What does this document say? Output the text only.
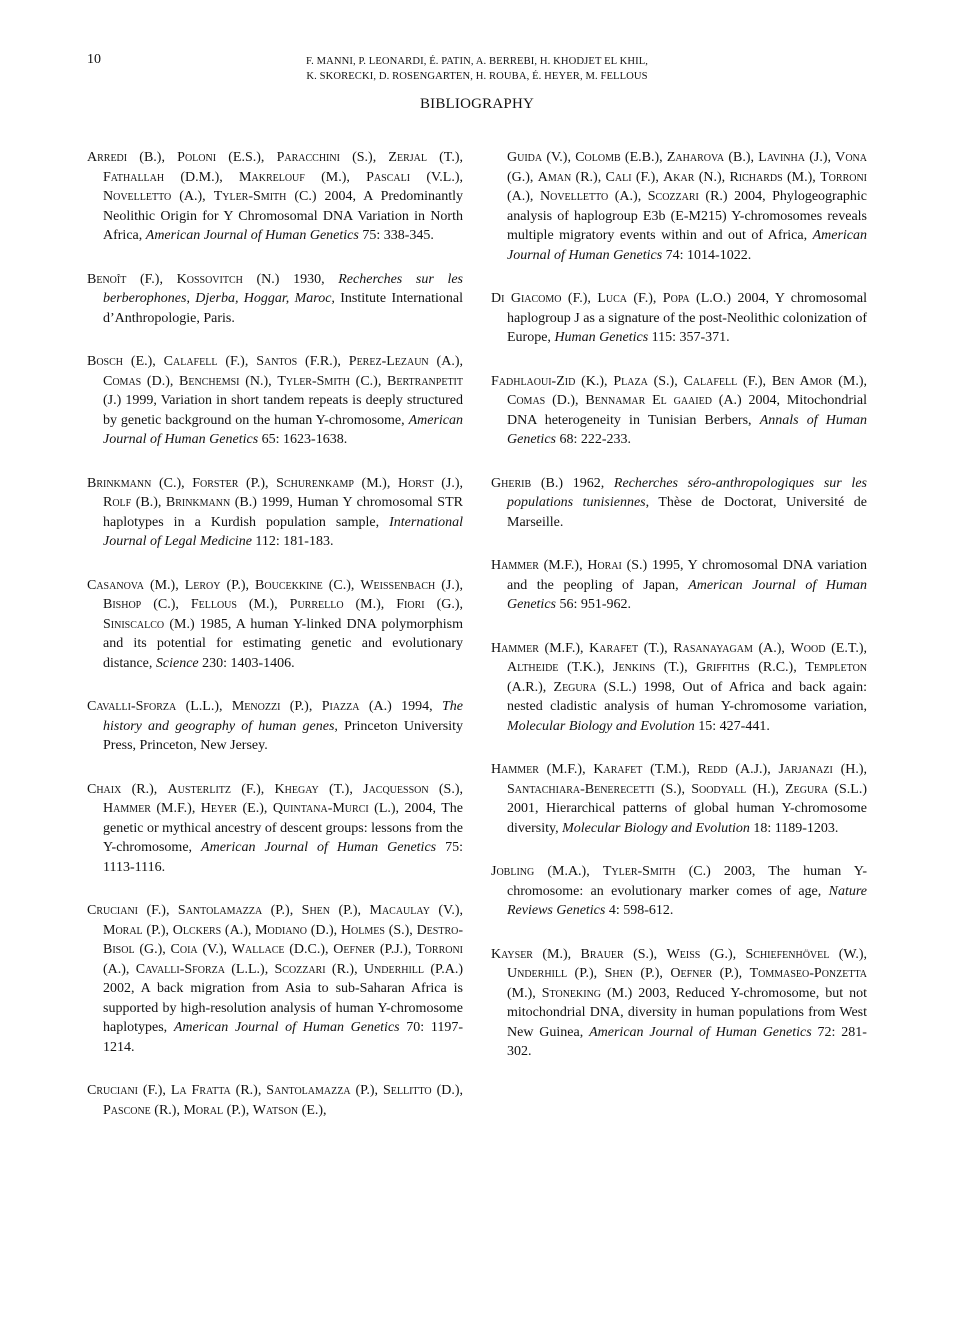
10	F. MANNI, P. LEONARDI, É. PATIN, A. BERREBI, H. KHODJET EL KHIL,
K. SKORECKI, D. ROSENGARTEN, H. ROUBA, É. HEYER, M. FELLOUS
BIBLIOGRAPHY

Arredi (B.), Poloni (E.S.), Paracchini (S.), Zerjal (T.), Fathallah (D.M.), Makrelouf (M.), Pascali (V.L.), Novelletto (A.), Tyler-Smith (C.) 2004, A Predominantly Neolithic Origin for Y Chromosomal DNA Variation in North Africa, American Journal of Human Genetics 75: 338-345.

Benoît (F.), Kossovitch (N.) 1930, Recherches sur les berberophones, Djerba, Hoggar, Maroc, Institute International d’Anthropologie, Paris.

Bosch (E.), Calafell (F.), Santos (F.R.), Perez-Lezaun (A.), Comas (D.), Benchemsi (N.), Tyler-Smith (C.), Bertranpetit (J.) 1999, Variation in short tandem repeats is deeply structured by genetic background on the human Y-chromosome, American Journal of Human Genetics 65: 1623-1638.

Brinkmann (C.), Forster (P.), Schurenkamp (M.), Horst (J.), Rolf (B.), Brinkmann (B.) 1999, Human Y chromosomal STR haplotypes in a Kurdish population sample, International Journal of Legal Medicine 112: 181-183.

Casanova (M.), Leroy (P.), Boucekkine (C.), Weissenbach (J.), Bishop (C.), Fellous (M.), Purrello (M.), Fiori (G.), Siniscalco (M.) 1985, A human Y-linked DNA polymorphism and its potential for estimating genetic and evolutionary distance, Science 230: 1403-1406.

Cavalli-Sforza (L.L.), Menozzi (P.), Piazza (A.) 1994, The history and geography of human genes, Princeton University Press, Princeton, New Jersey.

Chaix (R.), Austerlitz (F.), Khegay (T.), Jacquesson (S.), Hammer (M.F.), Heyer (E.), Quintana-Murci (L.), 2004, The genetic or mythical ancestry of descent groups: lessons from the Y-chromosome, American Journal of Human Genetics 75: 1113-1116.

Cruciani (F.), Santolamazza (P.), Shen (P.), Macaulay (V.), Moral (P.), Olckers (A.), Modiano (D.), Holmes (S.), Destro-Bisol (G.), Coia (V.), Wallace (D.C.), Oefner (P.J.), Torroni (A.), Cavalli-Sforza (L.L.), Scozzari (R.), Underhill (P.A.) 2002, A back migration from Asia to sub-Saharan Africa is supported by high-resolution analysis of human Y-chromosome haplotypes, American Journal of Human Genetics 70: 1197-1214.

Cruciani (F.), La Fratta (R.), Santolamazza (P.), Sellitto (D.), Pascone (R.), Moral (P.), Watson (E.),

Guida (V.), Colomb (E.B.), Zaharova (B.), Lavinha (J.), Vona (G.), Aman (R.), Cali (F.), Akar (N.), Richards (M.), Torroni (A.), Novelletto (A.), Scozzari (R.) 2004, Phylogeographic analysis of haplogroup E3b (E-M215) Y-chromosomes reveals multiple migratory events within and out of Africa, American Journal of Human Genetics 74: 1014-1022.

Di Giacomo (F.), Luca (F.), Popa (L.O.) 2004, Y chromosomal haplogroup J as a signature of the post-Neolithic colonization of Europe, Human Genetics 115: 357-371.

Fadhlaoui-Zid (K.), Plaza (S.), Calafell (F.), Ben Amor (M.), Comas (D.), Bennamar El gaaied (A.) 2004, Mitochondrial DNA heterogeneity in Tunisian Berbers, Annals of Human Genetics 68: 222-233.

Gherib (B.) 1962, Recherches séro-anthropologiques sur les populations tunisiennes, Thèse de Doctorat, Université de Marseille.

Hammer (M.F.), Horai (S.) 1995, Y chromosomal DNA variation and the peopling of Japan, American Journal of Human Genetics 56: 951-962.

Hammer (M.F.), Karafet (T.), Rasanayagam (A.), Wood (E.T.), Altheide (T.K.), Jenkins (T.), Griffiths (R.C.), Templeton (A.R.), Zegura (S.L.) 1998, Out of Africa and back again: nested cladistic analysis of human Y-chromosome variation, Molecular Biology and Evolution 15: 427-441.

Hammer (M.F.), Karafet (T.M.), Redd (A.J.), Jarjanazi (H.), Santachiara-Benerecetti (S.), Soodyall (H.), Zegura (S.L.) 2001, Hierarchical patterns of global human Y-chromosome diversity, Molecular Biology and Evolution 18: 1189-1203.

Jobling (M.A.), Tyler-Smith (C.) 2003, The human Y-chromosome: an evolutionary marker comes of age, Nature Reviews Genetics 4: 598-612.

Kayser (M.), Brauer (S.), Weiss (G.), Schiefenhövel (W.), Underhill (P.), Shen (P.), Oefner (P.), Tommaseo-Ponzetta (M.), Stoneking (M.) 2003, Reduced Y-chromosome, but not mitochondrial DNA, diversity in human populations from West New Guinea, American Journal of Human Genetics 72: 281-302.
